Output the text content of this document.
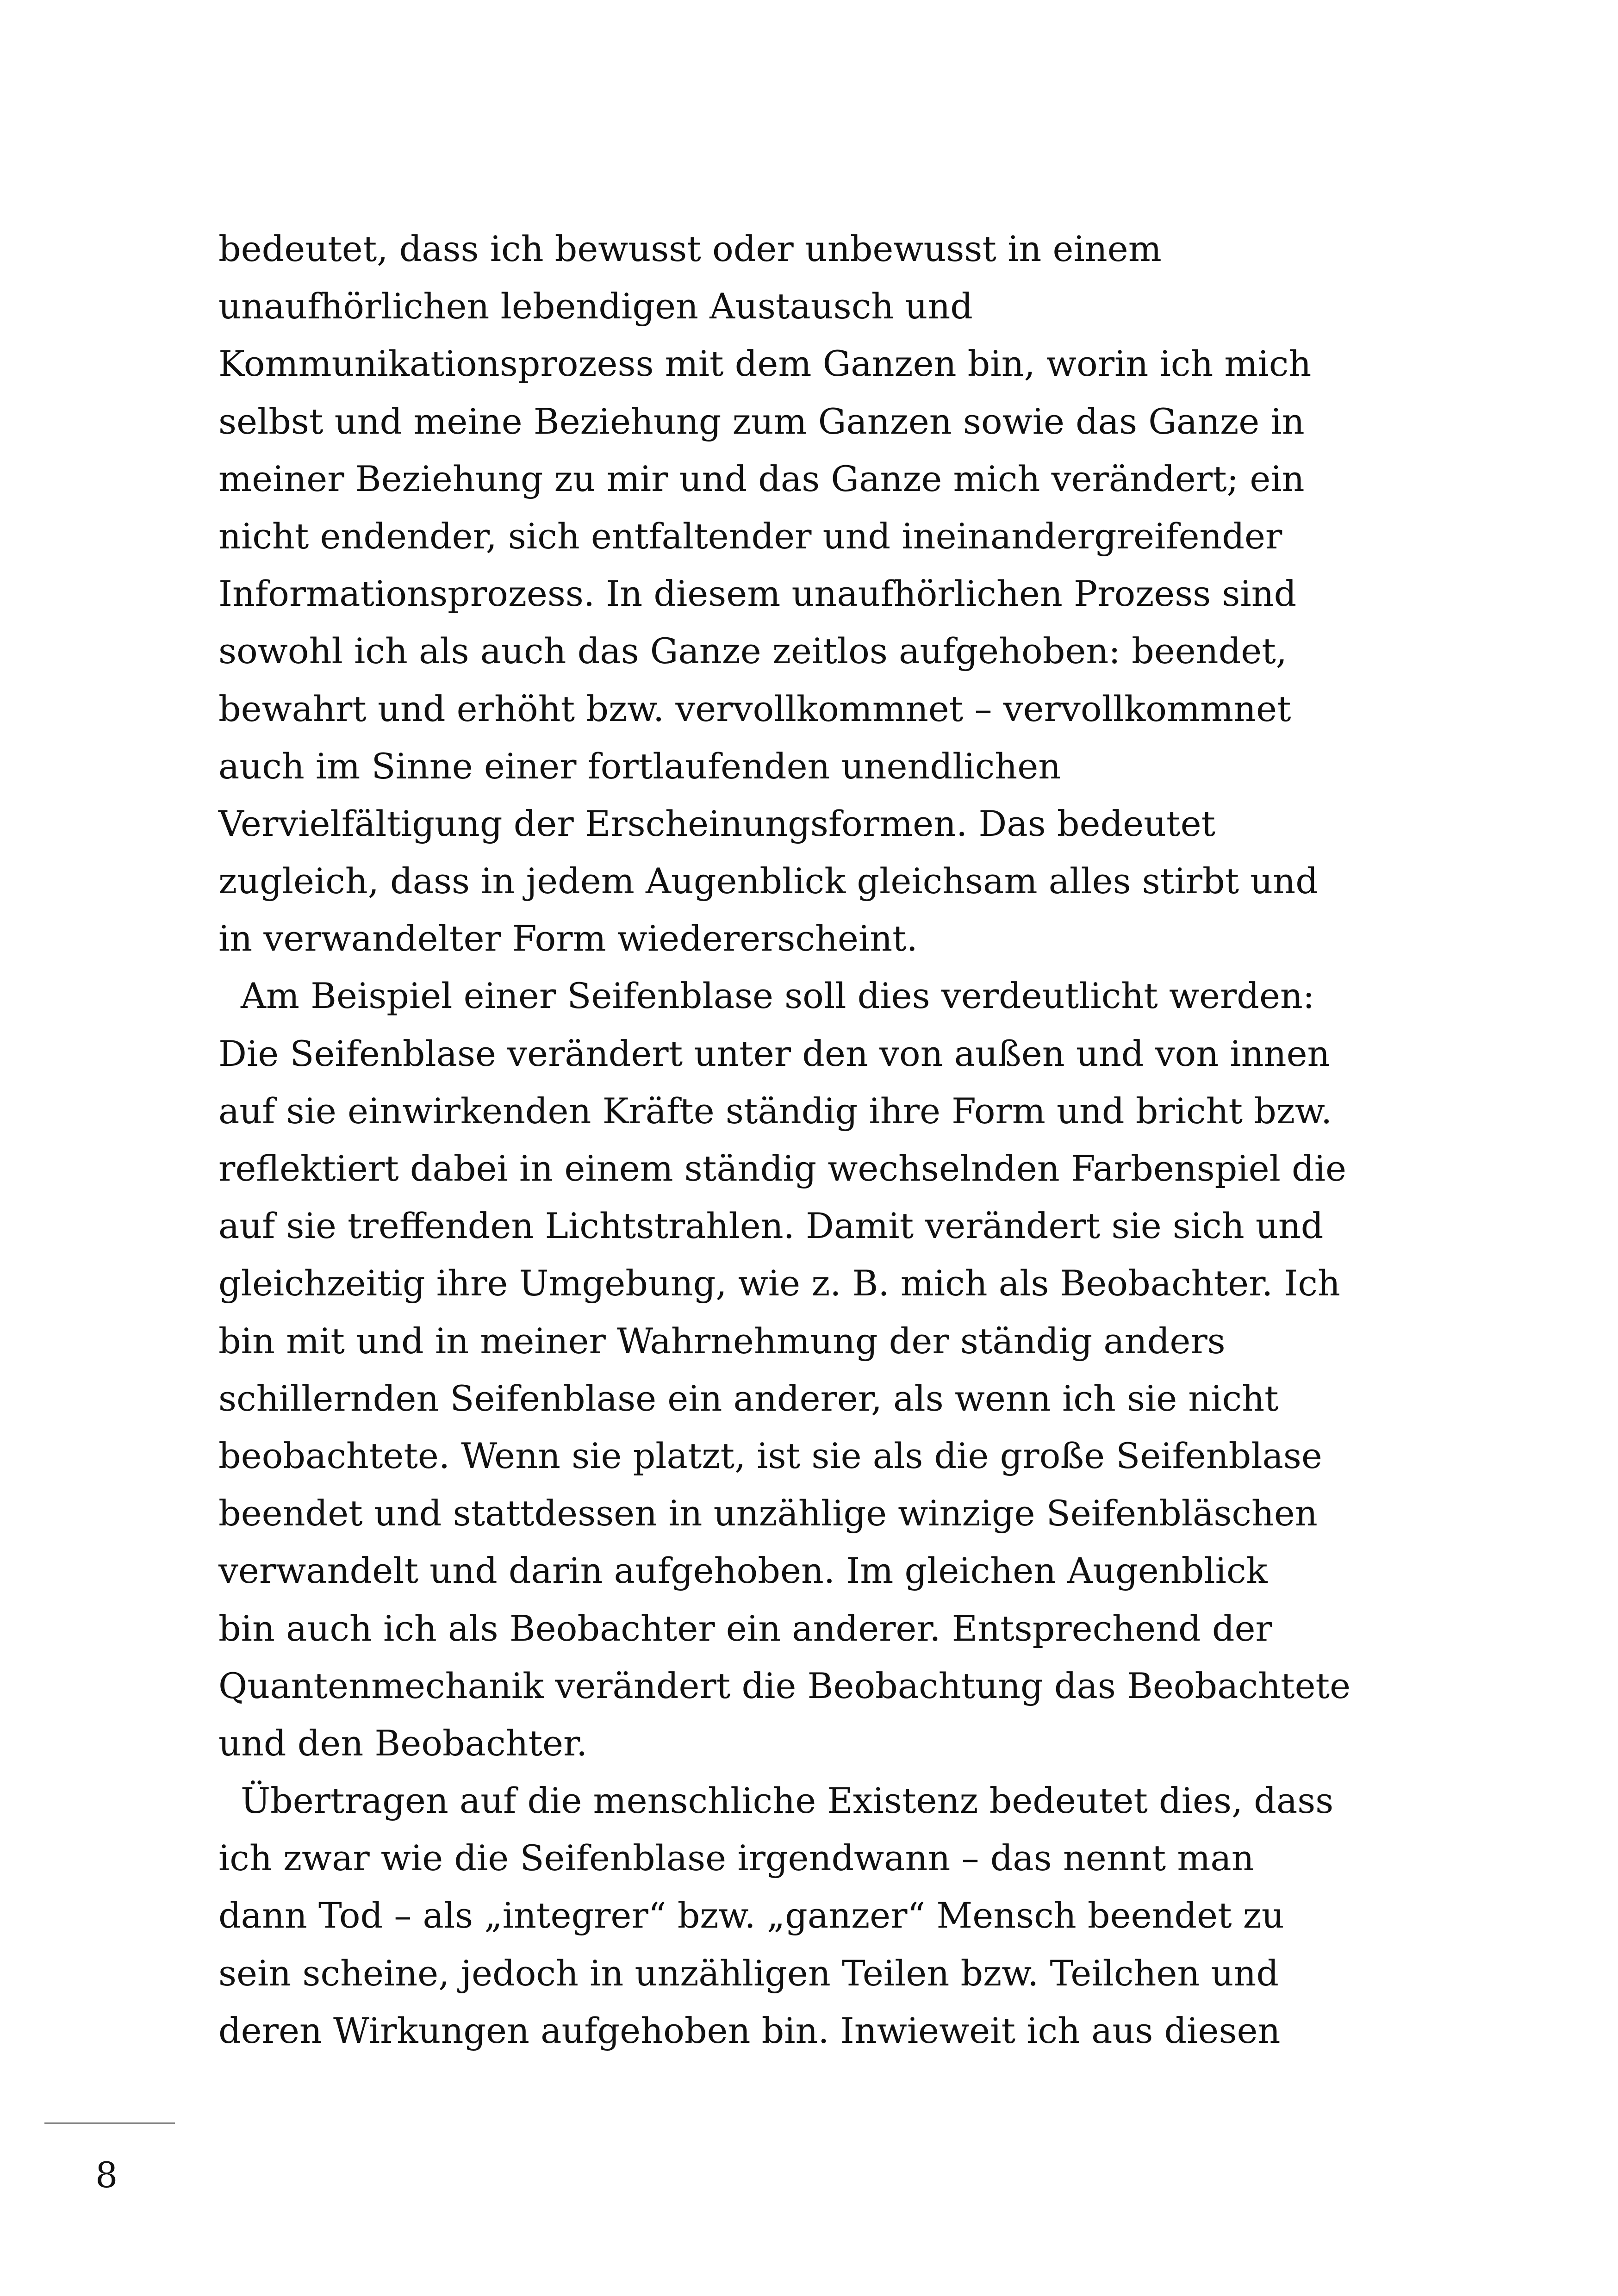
bedeutet, dass ich bewusst oder unbewusst in einem
unaufhörlichen lebendigen Austausch und
Kommunikationsprozess mit dem Ganzen bin, worin ich mich
selbst und meine Beziehung zum Ganzen sowie das Ganze in
meiner Beziehung zu mir und das Ganze mich verändert; ein
nicht endender, sich entfaltender und ineinandergreifender
Informationsprozess. In diesem unaufhörlichen Prozess sind
sowohl ich als auch das Ganze zeitlos aufgehoben: beendet,
bewahrt und erhöht bzw. vervollkommnet – vervollkommnet
auch im Sinne einer fortlaufenden unendlichen
Vervielfältigung der Erscheinungsformen. Das bedeutet
zugleich, dass in jedem Augenblick gleichsam alles stirbt und
in verwandelter Form wiedererscheint.
Am Beispiel einer Seifenblase soll dies verdeutlicht werden:
Die Seifenblase verändert unter den von außen und von innen
auf sie einwirkenden Kräfte ständig ihre Form und bricht bzw.
reflektiert dabei in einem ständig wechselnden Farbenspiel die
auf sie treffenden Lichtstrahlen. Damit verändert sie sich und
gleichzeitig ihre Umgebung, wie z. B. mich als Beobachter. Ich
bin mit und in meiner Wahrnehmung der ständig anders
schillernden Seifenblase ein anderer, als wenn ich sie nicht
beobachtete. Wenn sie platzt, ist sie als die große Seifenblase
beendet und stattdessen in unzählige winzige Seifenbläschen
verwandelt und darin aufgehoben. Im gleichen Augenblick
bin auch ich als Beobachter ein anderer. Entsprechend der
Quantenmechanik verändert die Beobachtung das Beobachtete
und den Beobachter.
Übertragen auf die menschliche Existenz bedeutet dies, dass
ich zwar wie die Seifenblase irgendwann – das nennt man
dann Tod – als „integrer“ bzw. „ganzer“ Mensch beendet zu
sein scheine, jedoch in unzähligen Teilen bzw. Teilchen und
deren Wirkungen aufgehoben bin. Inwieweit ich aus diesen
8
